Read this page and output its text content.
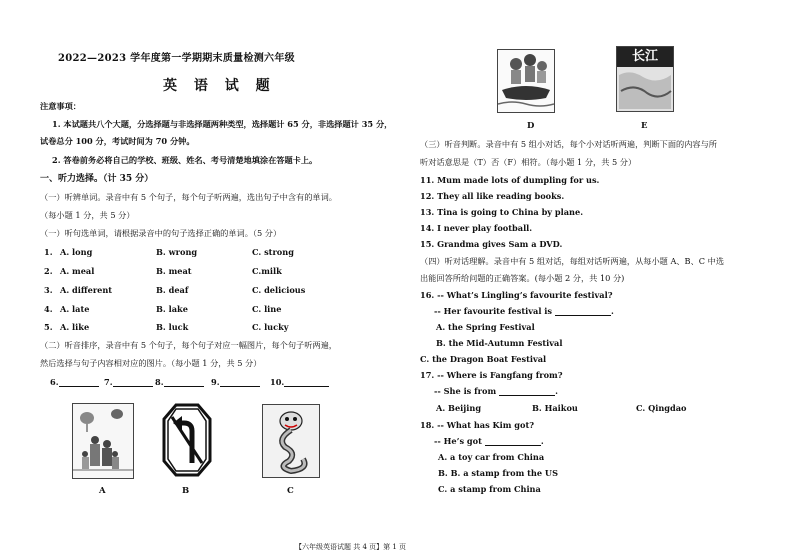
2022—2023 学年度第一学期期末质量检测六年级
英 语 试 题
注意事项：
1. 本试题共八个大题，分选择题与非选择题两种类型，选择题计 65 分，非选择题计 35 分，
试卷总分 100 分，考试时间为 70 分钟。
2. 答卷前务必将自己的学校、班级、姓名、考号清楚地填涂在答题卡上。
一、听力选择。（计 35 分）
（一）听辨单词。录音中有 5 个句子，每个句子听两遍，选出句子中含有的单词。
（每小题 1 分，共 5 分）
（一）听句选单词，请根据录音中的句子选择正确的单词。（5 分）
1. A. long	B. wrong	C. strong
2. A. meal	B. meat	C.milk
3. A. different	B. deaf	C. delicious
4. A. late	B. lake	C. line
5. A. like	B. luck	C. lucky
（二）听音排序，录音中有 5 个句子，每个句子对应一幅图片，每个句子听两遍，
然后选择与句子内容相对应的图片。（每小题 1 分，共 5 分）
6.	7.	8.	9.	10.
A	B	C
D
长江
E
（三）听音判断。录音中有 5 组小对话，每个小对话听两遍，判断下面的内容与所
听对话意思是（T）否（F）相符。（每小题 1 分，共 5 分）
11. Mum made lots of dumpling for us.
12. They all like reading books.
13. Tina is going to China by plane.
14. I never play football.
15. Grandma gives Sam a DVD.
（四）听对话理解。录音中有 5 组对话，每组对话听两遍，从每小题 A、B、C 中选
出能回答所给问题的正确答案。(每小题 2 分，共 10 分)
16. -- What’s Lingling’s favourite festival?
-- Her favourite festival is	.
A. the Spring Festival
B. the Mid-Autumn Festival
C. the Dragon Boat Festival
17. -- Where is Fangfang from?
-- She is from	.
A. Beijing	B. Haikou	C. Qingdao
18. -- What has Kim got?
-- He’s got	.
A. a toy car from China
B. B. a stamp from the US
C. a stamp from China
【六年级英语试题 共 4 页】第 1 页
